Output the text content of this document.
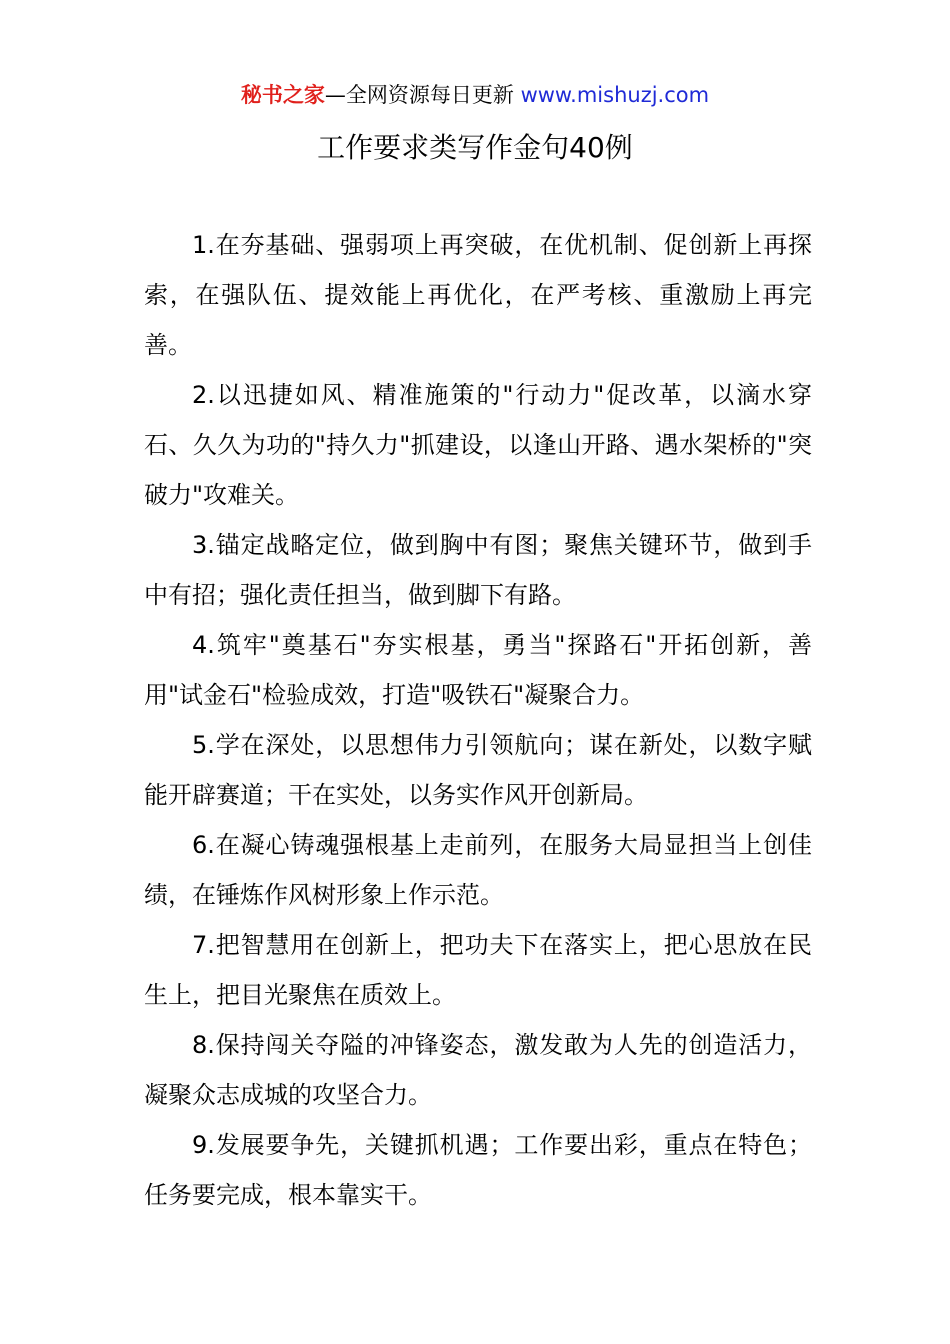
秘书之家—全网资源每日更新 www.mishuzj.com
工作要求类写作金句40例

1.在夯基础、强弱项上再突破，在优机制、促创新上再探索，在强队伍、提效能上再优化，在严考核、重激励上再完善。

2.以迅捷如风、精准施策的"行动力"促改革，以滴水穿石、久久为功的"持久力"抓建设，以逢山开路、遇水架桥的"突破力"攻难关。

3.锚定战略定位，做到胸中有图；聚焦关键环节，做到手中有招；强化责任担当，做到脚下有路。

4.筑牢"奠基石"夯实根基，勇当"探路石"开拓创新，善用"试金石"检验成效，打造"吸铁石"凝聚合力。

5.学在深处，以思想伟力引领航向；谋在新处，以数字赋能开辟赛道；干在实处，以务实作风开创新局。

6.在凝心铸魂强根基上走前列，在服务大局显担当上创佳绩，在锤炼作风树形象上作示范。

7.把智慧用在创新上，把功夫下在落实上，把心思放在民生上，把目光聚焦在质效上。

8.保持闯关夺隘的冲锋姿态，激发敢为人先的创造活力，凝聚众志成城的攻坚合力。

9.发展要争先，关键抓机遇；工作要出彩，重点在特色；任务要完成，根本靠实干。
